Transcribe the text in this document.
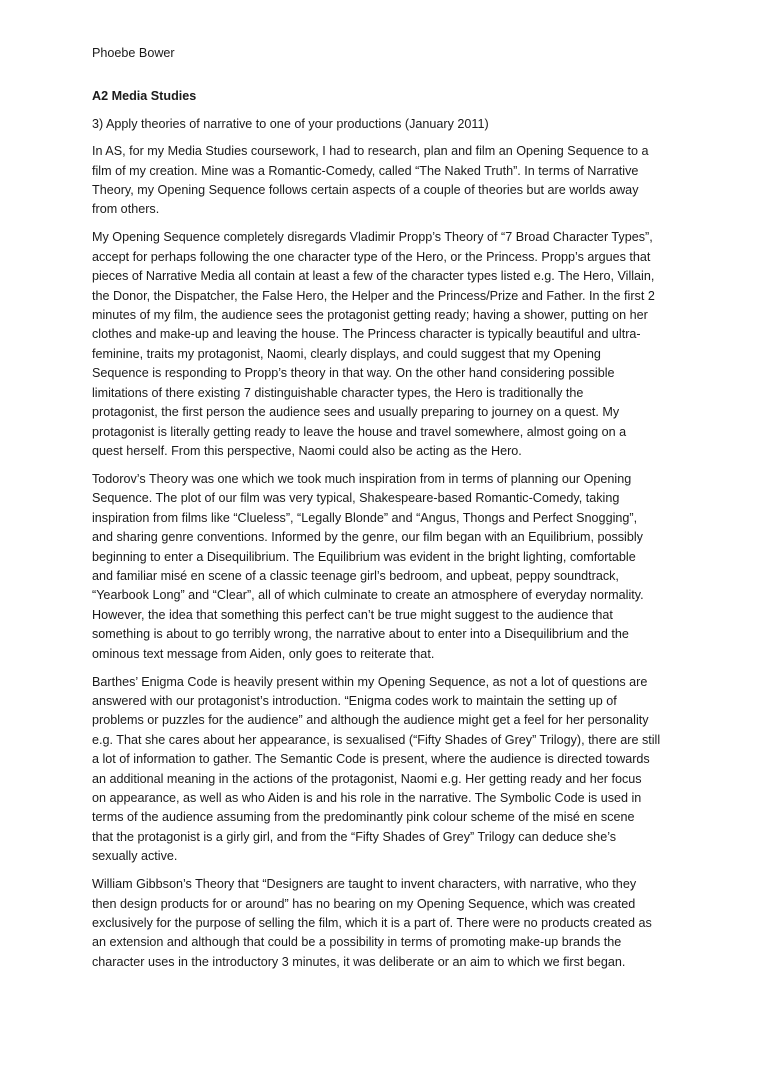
Phoebe Bower

A2 Media Studies

3) Apply theories of narrative to one of your productions (January 2011)

In AS, for my Media Studies coursework, I had to research, plan and film an Opening Sequence to a

film of my creation. Mine was a Romantic-Comedy, called “The Naked Truth”. In terms of Narrative

Theory, my Opening Sequence follows certain aspects of a couple of theories but are worlds away

from others.

My Opening Sequence completely disregards Vladimir Propp’s Theory of “7 Broad Character Types”,

accept for perhaps following the one character type of the Hero, or the Princess. Propp’s argues that

pieces of Narrative Media all contain at least a few of the character types listed e.g. The Hero, Villain,

the Donor, the Dispatcher, the False Hero, the Helper and the Princess/Prize and Father. In the first 2

minutes of my film, the audience sees the protagonist getting ready; having a shower, putting on her

clothes and make-up and leaving the house. The Princess character is typically beautiful and ultra-

feminine, traits my protagonist, Naomi, clearly displays, and could suggest that my Opening

Sequence is responding to Propp’s theory in that way. On the other hand considering possible

limitations of there existing 7 distinguishable character types, the Hero is traditionally the

protagonist, the first person the audience sees and usually preparing to journey on a quest. My

protagonist is literally getting ready to leave the house and travel somewhere, almost going on a

quest herself. From this perspective, Naomi could also be acting as the Hero.

Todorov’s Theory was one which we took much inspiration from in terms of planning our Opening

Sequence. The plot of our film was very typical, Shakespeare-based Romantic-Comedy, taking

inspiration from films like “Clueless”, “Legally Blonde” and “Angus, Thongs and Perfect Snogging”,

and sharing genre conventions. Informed by the genre, our film began with an Equilibrium, possibly

beginning to enter a Disequilibrium. The Equilibrium was evident in the bright lighting, comfortable

and familiar misé en scene of a classic teenage girl’s bedroom, and upbeat, peppy soundtrack,

“Yearbook Long” and “Clear”, all of which culminate to create an atmosphere of everyday normality.

However, the idea that something this perfect can’t be true might suggest to the audience that

something is about to go terribly wrong, the narrative about to enter into a Disequilibrium and the

ominous text message from Aiden, only goes to reiterate that.

Barthes’ Enigma Code is heavily present within my Opening Sequence, as not a lot of questions are

answered with our protagonist’s introduction. “Enigma codes work to maintain the setting up of

problems or puzzles for the audience” and although the audience might get a feel for her personality

e.g. That she cares about her appearance, is sexualised (“Fifty Shades of Grey” Trilogy), there are still

a lot of information to gather. The Semantic Code is present, where the audience is directed towards

an additional meaning in the actions of the protagonist, Naomi e.g. Her getting ready and her focus

on appearance, as well as who Aiden is and his role in the narrative. The Symbolic Code is used in

terms of the audience assuming from the predominantly pink colour scheme of the misé en scene

that the protagonist is a girly girl, and from the “Fifty Shades of Grey” Trilogy can deduce she’s

sexually active.

William Gibbson’s Theory that “Designers are taught to invent characters, with narrative, who they

then design products for or around” has no bearing on my Opening Sequence, which was created

exclusively for the purpose of selling the film, which it is a part of. There were no products created as

an extension and although that could be a possibility in terms of promoting make-up brands the

character uses in the introductory 3 minutes, it was deliberate or an aim to which we first began.
